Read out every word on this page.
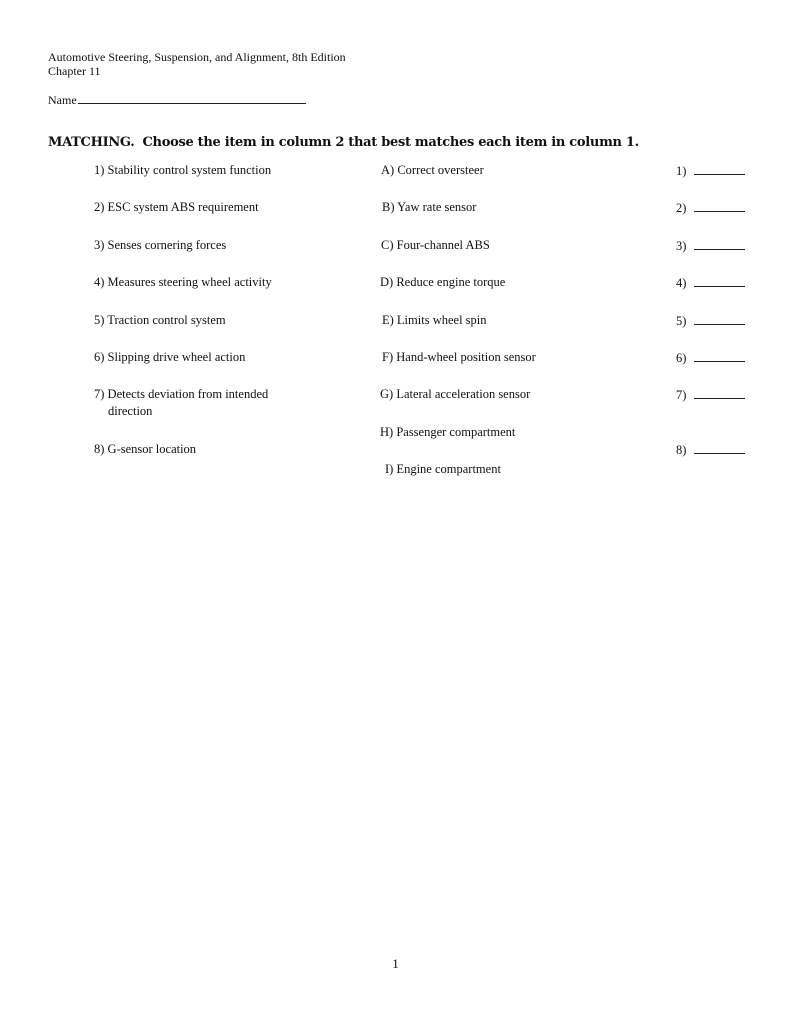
Automotive Steering, Suspension, and Alignment, 8th Edition
Chapter 11
Name
MATCHING. Choose the item in column 2 that best matches each item in column 1.
1) Stability control system function
2) ESC system ABS requirement
3) Senses cornering forces
4) Measures steering wheel activity
5) Traction control system
6) Slipping drive wheel action
7) Detects deviation from intended
direction
8) G-sensor location
A) Correct oversteer
B) Yaw rate sensor
C) Four-channel ABS
D) Reduce engine torque
E) Limits wheel spin
F) Hand-wheel position sensor
G) Lateral acceleration sensor
H) Passenger compartment
I) Engine compartment
1)
2)
3)
4)
5)
6)
7)
8)
1
